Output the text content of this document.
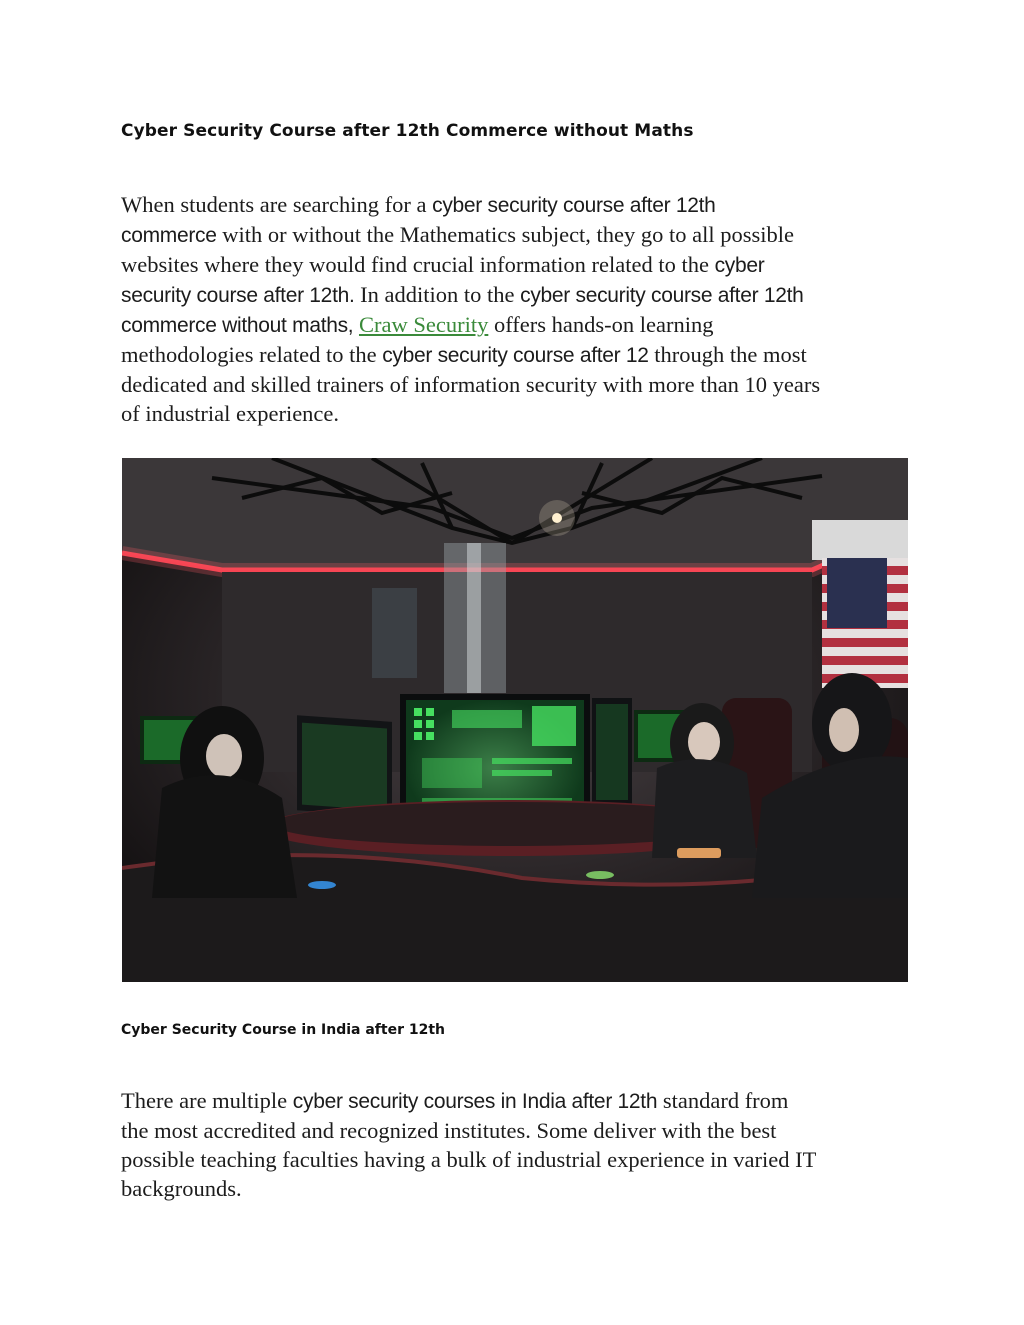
Cyber Security Course after 12th Commerce without Maths

When students are searching for a cyber security course after 12th
commerce with or without the Mathematics subject, they go to all possible
websites where they would find crucial information related to the cyber
security course after 12th. In addition to the cyber security course after 12th
commerce without maths, Craw Security offers hands-on learning
methodologies related to the cyber security course after 12 through the most
dedicated and skilled trainers of information security with more than 10 years
of industrial experience.

Cyber Security Course in India after 12th

There are multiple cyber security courses in India after 12th standard from
the most accredited and recognized institutes. Some deliver with the best
possible teaching faculties having a bulk of industrial experience in varied IT
backgrounds.
